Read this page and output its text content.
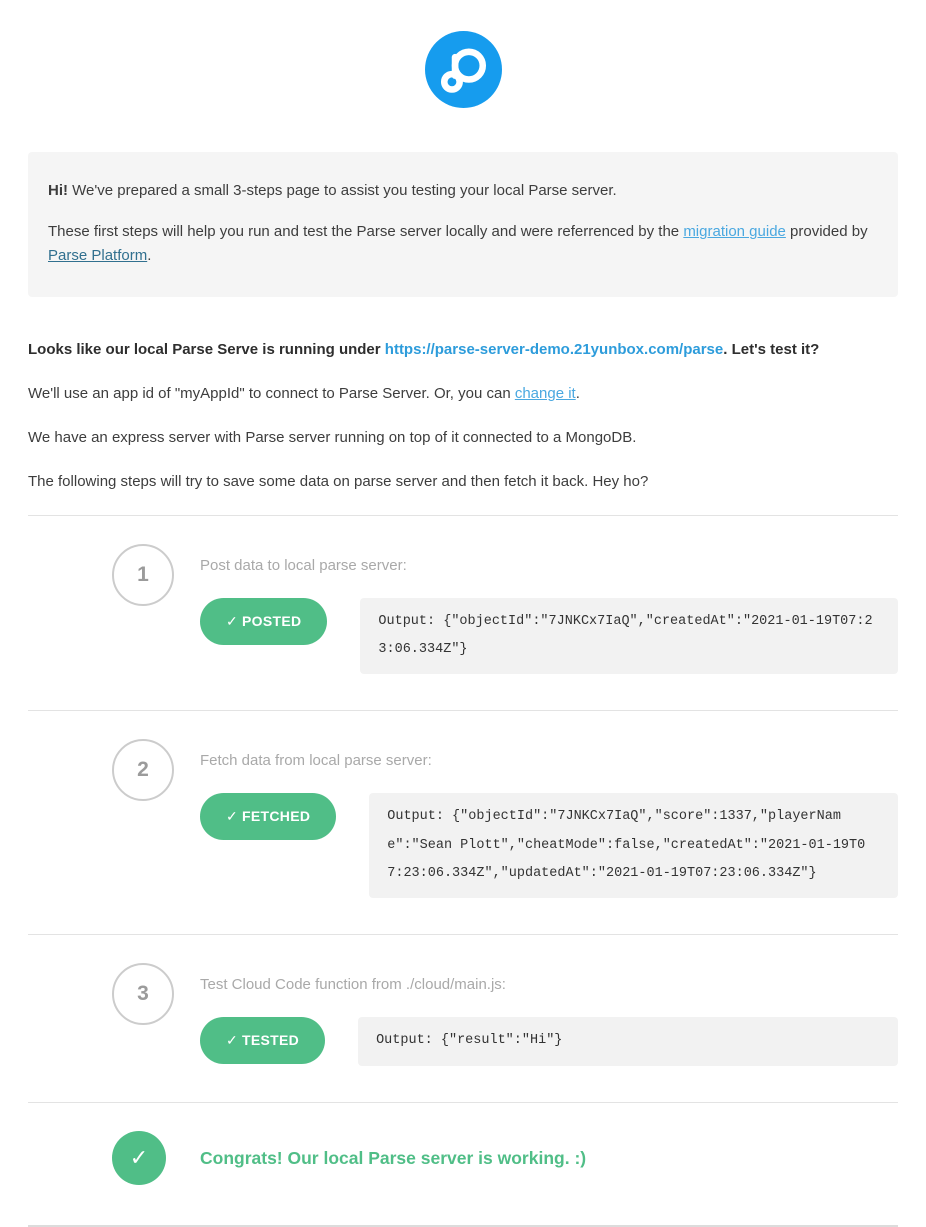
Hi! We've prepared a small 3-steps page to assist you testing your local Parse server.

These first steps will help you run and test the Parse server locally and were referrenced by the migration guide provided by Parse Platform.

Looks like our local Parse Serve is running under https://parse-server-demo.21yunbox.com/parse. Let's test it?

We'll use an app id of "myAppId" to connect to Parse Server. Or, you can change it.

We have an express server with Parse server running on top of it connected to a MongoDB.

The following steps will try to save some data on parse server and then fetch it back. Hey ho?

1	Post data to local parse server:
✓ POSTED	Output: {"objectId":"7JNKCx7IaQ","createdAt":"2021-01-19T07:23:06.334Z"}
2	Fetch data from local parse server:
✓ FETCHED	Output: {"objectId":"7JNKCx7IaQ","score":1337,"playerName":"Sean Plott","cheatMode":false,"createdAt":"2021-01-19T07:23:06.334Z","updatedAt":"2021-01-19T07:23:06.334Z"}
3	Test Cloud Code function from ./cloud/main.js:
✓ TESTED	Output: {"result":"Hi"}
✓	Congrats! Our local Parse server is working. :)
